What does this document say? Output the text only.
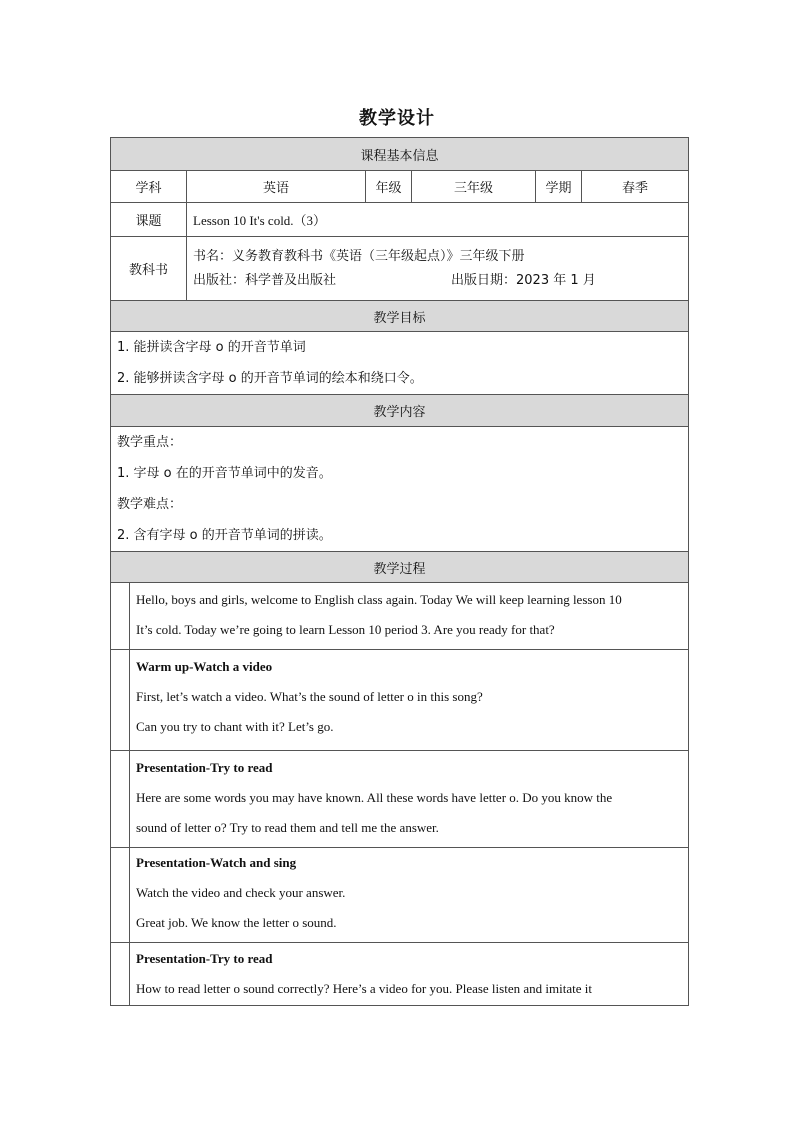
教学设计
课程基本信息						
学科		英语	年级	三年级	学期	春季
课题		Lesson 10 It's cold.（3）				
教科书		书名：义务教育教科书《英语（三年级起点）》三年级下册
出版社：科学普及出版社 出版日期：2023 年 1 月				

教学目标						

1. 能拼读含字母 o 的开音节单词
2. 能够拼读含字母 o 的开音节单词的绘本和绕口令。						

教学内容						

教学重点：
1. 字母 o 在的开音节单词中的发音。
教学难点：
2. 含有字母 o 的开音节单词的拼读。						

教学过程						

	Hello, boys and girls, welcome to English class again. Today We will keep learning lesson 10
It’s cold. Today we’re going to learn Lesson 10 period 3. Are you ready for that?					

	Warm up-Watch a video
First, let’s watch a video. What’s the sound of letter o in this song?
Can you try to chant with it? Let’s go.					

	Presentation-Try to read
Here are some words you may have known. All these words have letter o. Do you know the
sound of letter o? Try to read them and tell me the answer.					

	Presentation-Watch and sing
Watch the video and check your answer.
Great job. We know the letter o sound.					

	Presentation-Try to read
How to read letter o sound correctly? Here’s a video for you. Please listen and imitate it					
